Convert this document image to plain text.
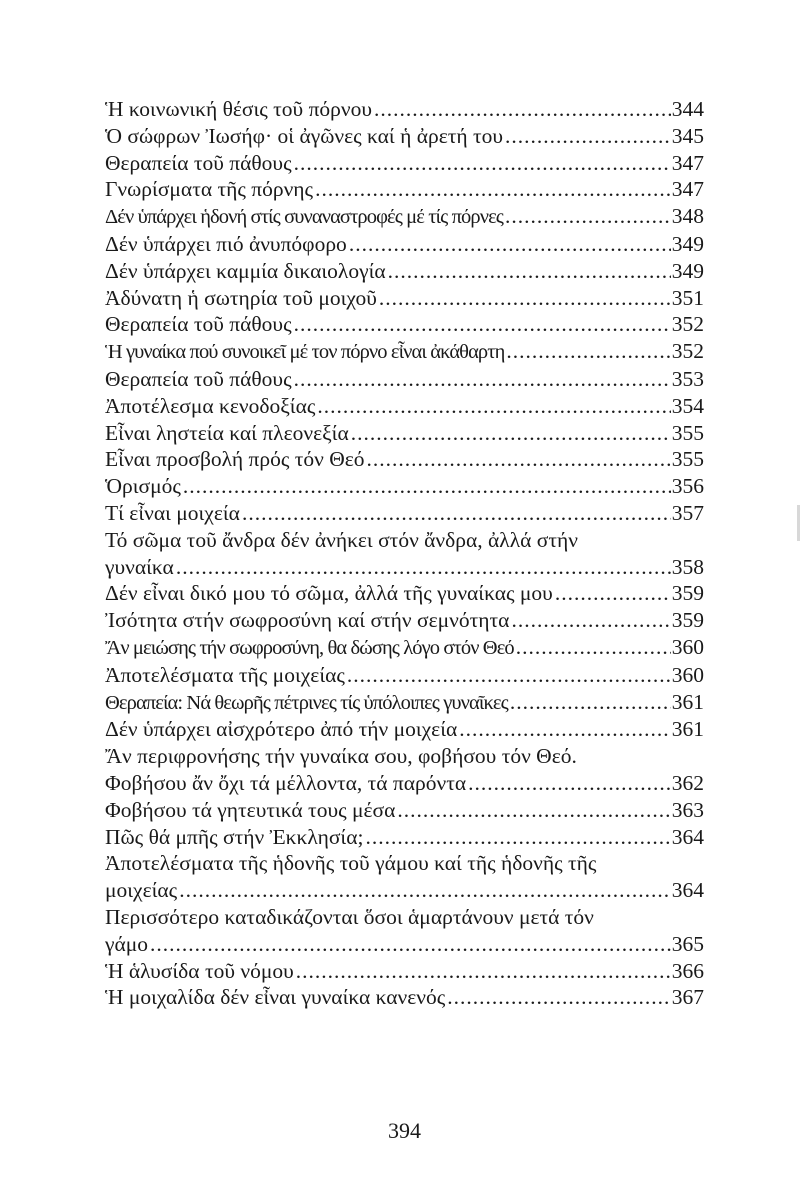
Ἡ κοινωνική θέσις τοῦ πόρνου .....	344
Ὁ σώφρων Ἰωσήφ· οἱ ἀγῶνες καί ἡ ἀρετή του .....	345
Θεραπεία τοῦ πάθους .....	347
Γνωρίσματα τῆς πόρνης .....	347
Δέν ὑπάρχει ἡδονή στίς συναναστροφές μέ τίς πόρνες .....	348
Δέν ὑπάρχει πιό ἀνυπόφορο .....	349
Δέν ὑπάρχει καμμία δικαιολογία .....	349
Ἀδύνατη ἡ σωτηρία τοῦ μοιχοῦ .....	351
Θεραπεία τοῦ πάθους .....	352
Ἡ γυναίκα πού συνοικεῖ μέ τον πόρνο εἶναι ἀκάθαρτη .....	352
Θεραπεία τοῦ πάθους .....	353
Ἀποτέλεσμα κενοδοξίας .....	354
Εἶναι ληστεία καί πλεονεξία .....	355
Εἶναι προσβολή πρός τόν Θεό .....	355
Ὁρισμός .....	356
Τί εἶναι μοιχεία .....	357
Τό σῶμα τοῦ ἄνδρα δέν ἀνήκει στόν ἄνδρα, ἀλλά στήν
γυναίκα .....	358
Δέν εἶναι δικό μου τό σῶμα, ἀλλά τῆς γυναίκας μου .....	359
Ἰσότητα στήν σωφροσύνη καί στήν σεμνότητα .....	359
Ἄν μειώσης τήν σωφροσύνη, θα δώσης λόγο στόν Θεό .....	360
Ἀποτελέσματα τῆς μοιχείας .....	360
Θεραπεία: Νά θεωρῆς πέτρινες τίς ὑπόλοιπες γυναῖκες .....	361
Δέν ὑπάρχει αἰσχρότερο ἀπό τήν μοιχεία .....	361
Ἄν περιφρονήσης τήν γυναίκα σου, φοβήσου τόν Θεό.
Φοβήσου ἄν ὄχι τά μέλλοντα, τά παρόντα .....	362
Φοβήσου τά γητευτικά τους μέσα .....	363
Πῶς θά μπῆς στήν Ἐκκλησία; .....	364
Ἀποτελέσματα τῆς ἡδονῆς τοῦ γάμου καί τῆς ἡδονῆς τῆς
μοιχείας .....	364
Περισσότερο καταδικάζονται ὅσοι ἁμαρτάνουν μετά τόν
γάμο .....	365
Ἡ ἁλυσίδα τοῦ νόμου .....	366
Ἡ μοιχαλίδα δέν εἶναι γυναίκα κανενός .....	367
394
